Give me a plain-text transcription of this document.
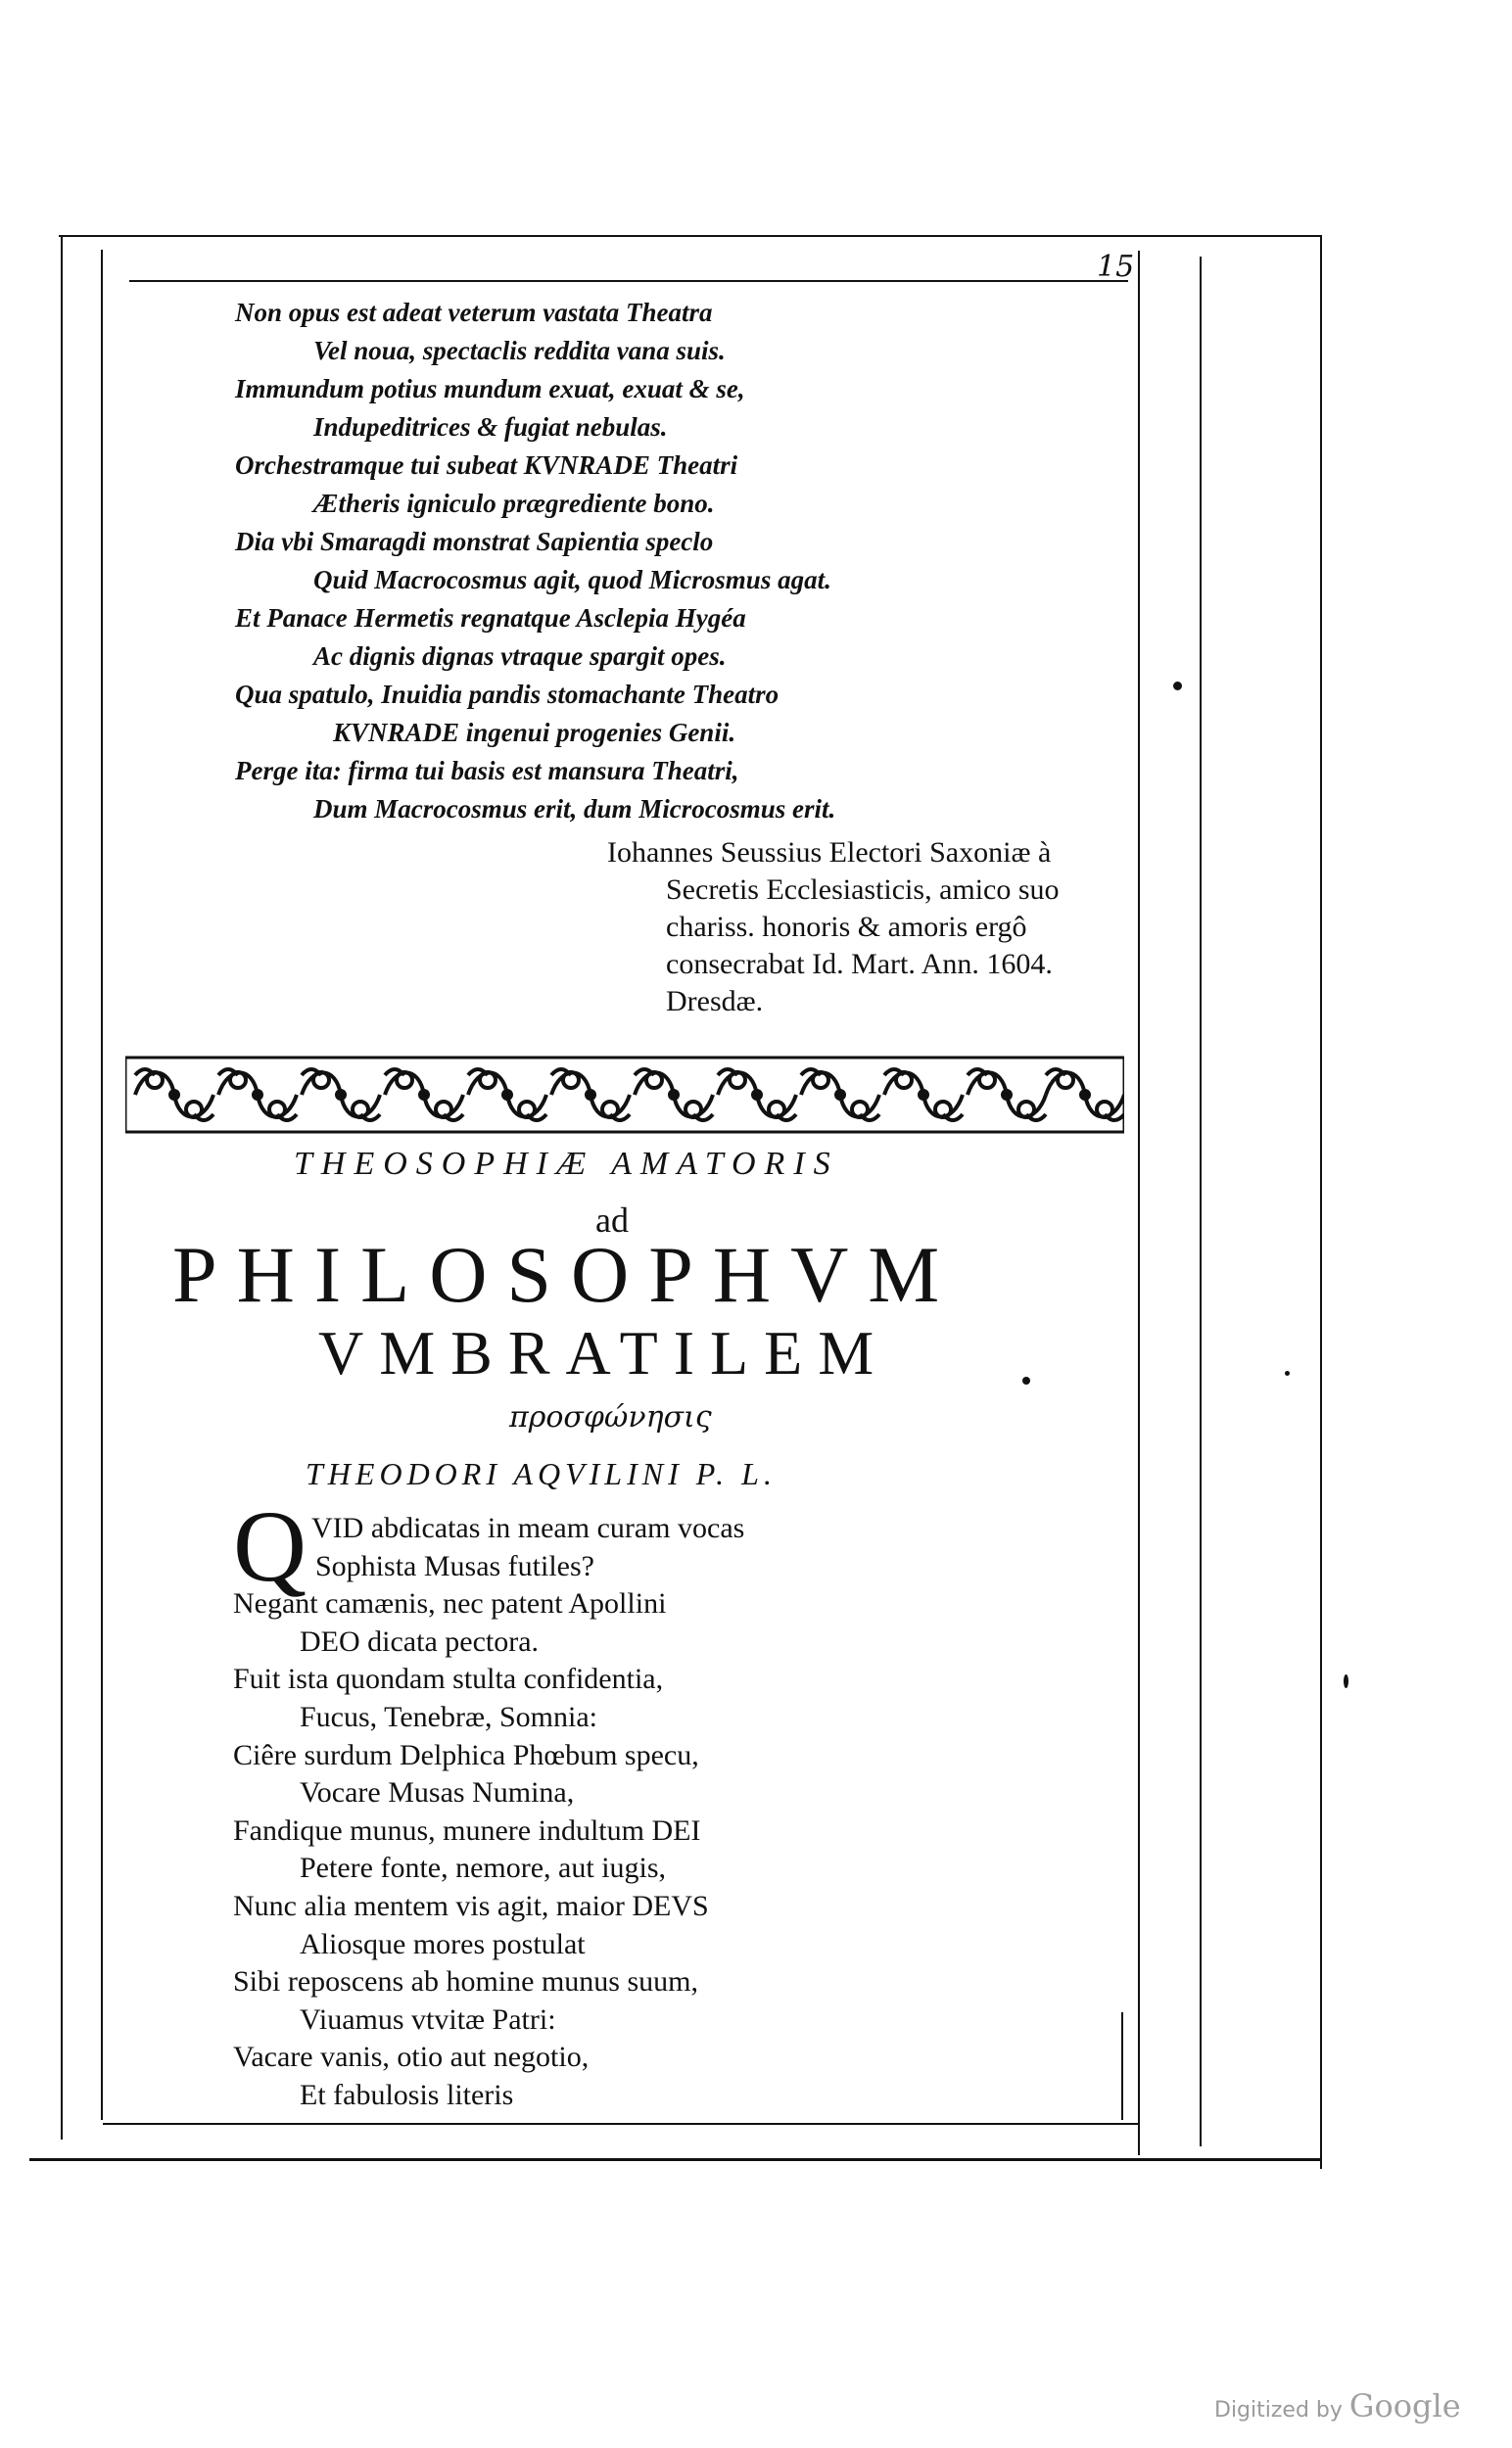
15
Non opus est adeat veterum vastata Theatra
Vel noua, spectaclis reddita vana suis.
Immundum potius mundum exuat, exuat & se,
Indupeditrices & fugiat nebulas.
Orchestramque tui subeat KVNRADE Theatri
Ætheris igniculo prægrediente bono.
Dia vbi Smaragdi monstrat Sapientia speclo
Quid Macrocosmus agit, quod Microsmus agat.
Et Panace Hermetis regnatque Asclepia Hygéa
Ac dignis dignas vtraque spargit opes.
Qua spatulo, Inuidia pandis stomachante Theatro
KVNRADE ingenui progenies Genii.
Perge ita: firma tui basis est mansura Theatri,
Dum Macrocosmus erit, dum Microcosmus erit.
Iohannes Seussius Electori Saxoniæ à
Secretis Ecclesiasticis, amico suo
chariss. honoris & amoris ergô
consecrabat Id. Mart. Ann. 1604.
Dresdæ.
THEOSOPHIÆ AMATORIS
ad
PHILOSOPHVM
VMBRATILEM
προσφώνησις
THEODORI AQVILINI P. L.
Q VID abdicatas in meam curam vocas
Sophista Musas futiles?
Negant camænis, nec patent Apollini
DEO dicata pectora.
Fuit ista quondam stulta confidentia,
Fucus, Tenebræ, Somnia:
Ciêre surdum Delphica Phœbum specu,
Vocare Musas Numina,
Fandique munus, munere indultum DEI
Petere fonte, nemore, aut iugis,
Nunc alia mentem vis agit, maior DEVS
Aliosque mores postulat
Sibi reposcens ab homine munus suum,
Viuamus vtvitæ Patri:
Vacare vanis, otio aut negotio,
Et fabulosis literis
Digitized by Google
